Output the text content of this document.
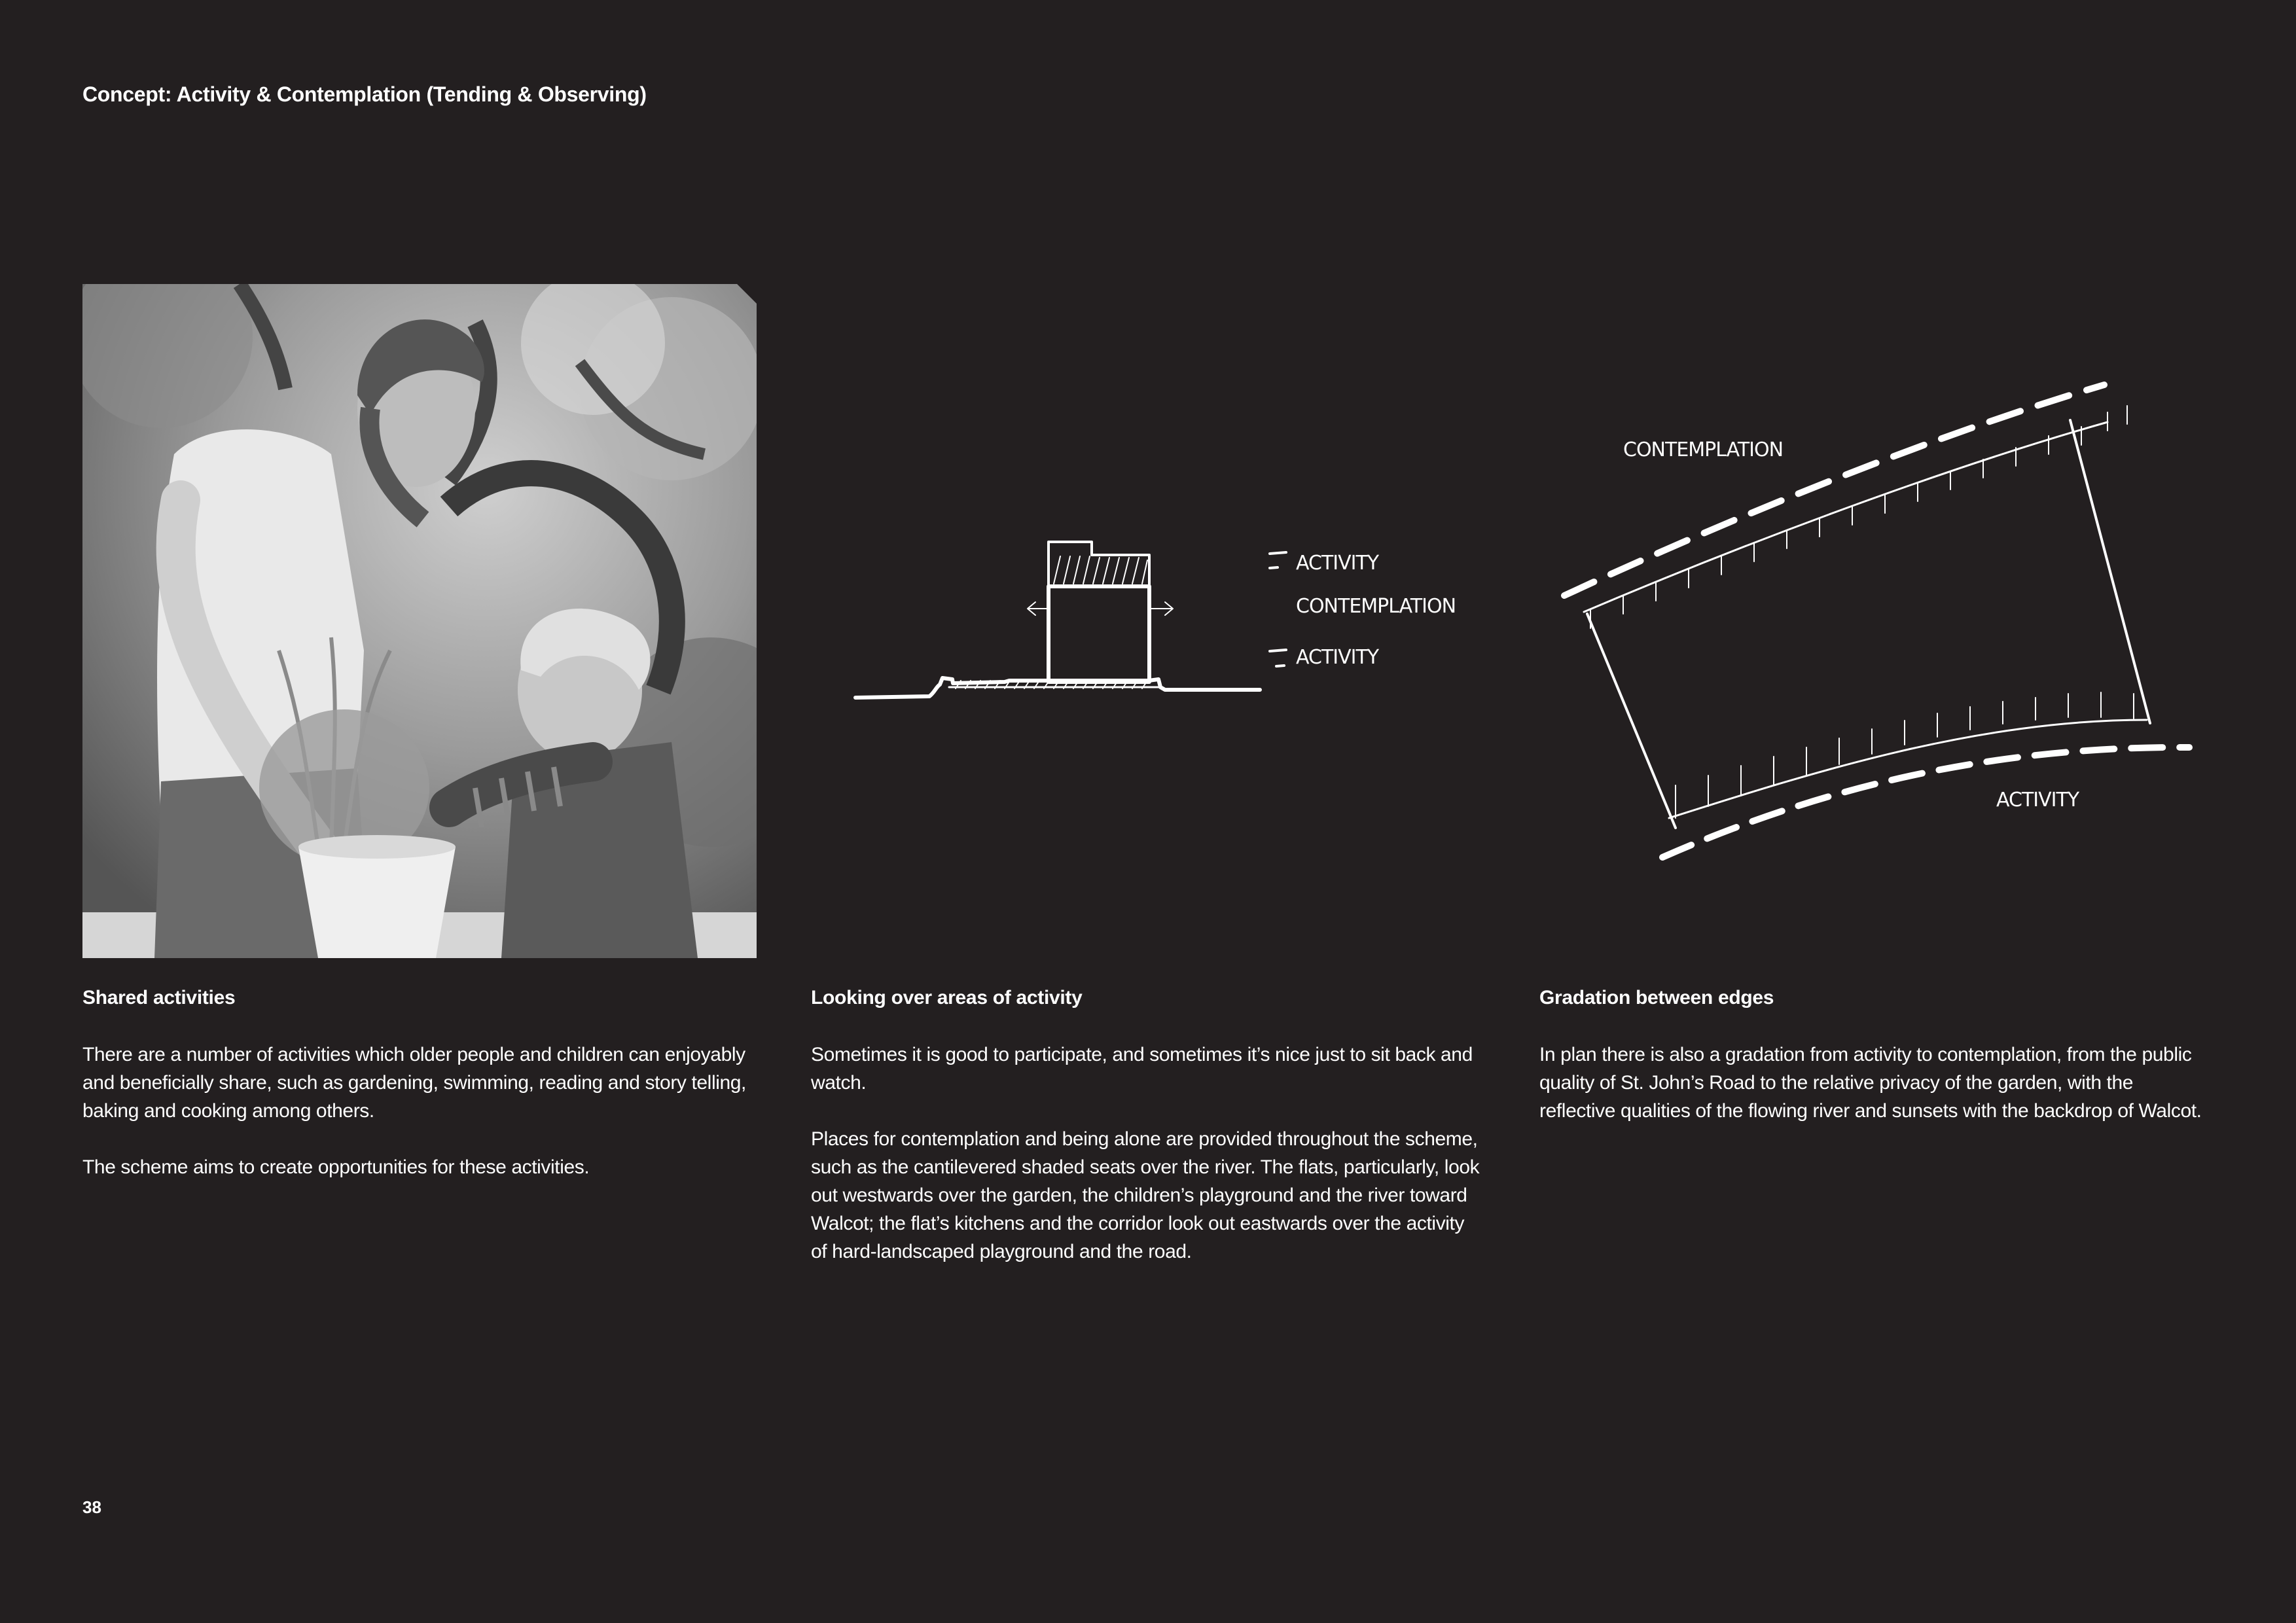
Concept: Activity & Contemplation (Tending & Observing)
ACTIVITY
CONTEMPLATION
ACTIVITY
CONTEMPLATION
ACTIVITY
Shared activities

There are a number of activities which older people and children can enjoyably and beneficially share, such as gardening, swimming, reading and story telling, baking and cooking among others.

The scheme aims to create opportunities for these activities.

Looking over areas of activity

Sometimes it is good to participate, and sometimes it’s nice just to sit back and watch.

Places for contemplation and being alone are provided throughout the scheme, such as the cantilevered shaded seats over the river. The flats, particularly, look out westwards over the garden, the children’s playground and the river toward Walcot; the flat’s kitchens and the corridor look out eastwards over the activity of hard-landscaped playground and the road.

Gradation between edges

In plan there is also a gradation from activity to contemplation, from the public quality of St. John’s Road to the relative privacy of the garden, with the reflective qualities of the flowing river and sunsets with the backdrop of Walcot.

38
